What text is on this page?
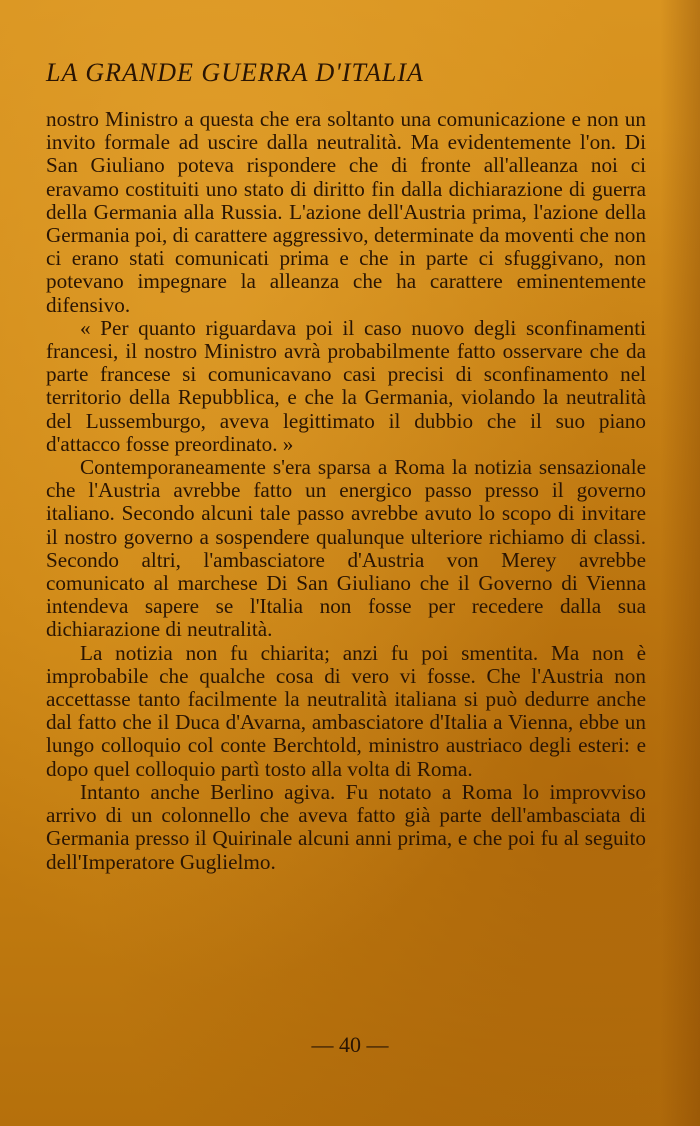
LA GRANDE GUERRA D'ITALIA

nostro Ministro a questa che era soltanto una comunicazione e non un invito formale ad uscire dalla neutralità. Ma evidentemente l'on. Di San Giuliano poteva rispondere che di fronte all'alleanza noi ci eravamo costituiti uno stato di diritto fin dalla dichiarazione di guerra della Germania alla Russia. L'azione dell'Austria prima, l'azione della Germania poi, di carattere aggressivo, determinate da moventi che non ci erano stati comunicati prima e che in parte ci sfuggivano, non potevano impegnare la alleanza che ha carattere eminentemente difensivo.

« Per quanto riguardava poi il caso nuovo degli sconfinamenti francesi, il nostro Ministro avrà probabilmente fatto osservare che da parte francese si comunicavano casi precisi di sconfinamento nel territorio della Repubblica, e che la Germania, violando la neutralità del Lussemburgo, aveva legittimato il dubbio che il suo piano d'attacco fosse preordinato. »

Contemporaneamente s'era sparsa a Roma la notizia sensazionale che l'Austria avrebbe fatto un energico passo presso il governo italiano. Secondo alcuni tale passo avrebbe avuto lo scopo di invitare il nostro governo a sospendere qualunque ulteriore richiamo di classi. Secondo altri, l'ambasciatore d'Austria von Merey avrebbe comunicato al marchese Di San Giuliano che il Governo di Vienna intendeva sapere se l'Italia non fosse per recedere dalla sua dichiarazione di neutralità.

La notizia non fu chiarita; anzi fu poi smentita. Ma non è improbabile che qualche cosa di vero vi fosse. Che l'Austria non accettasse tanto facilmente la neutralità italiana si può dedurre anche dal fatto che il Duca d'Avarna, ambasciatore d'Italia a Vienna, ebbe un lungo colloquio col conte Berchtold, ministro austriaco degli esteri: e dopo quel colloquio partì tosto alla volta di Roma.

Intanto anche Berlino agiva. Fu notato a Roma lo improvviso arrivo di un colonnello che aveva fatto già parte dell'ambasciata di Germania presso il Quirinale alcuni anni prima, e che poi fu al seguito dell'Imperatore Guglielmo.

— 40 —
